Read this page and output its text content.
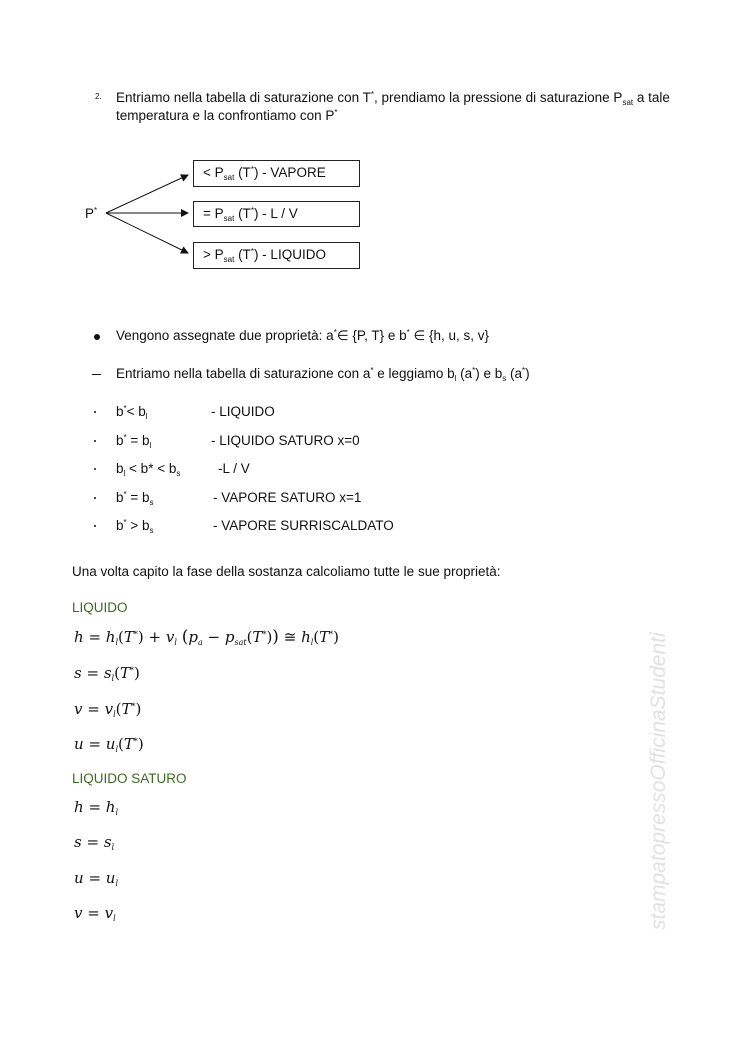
2. Entriamo nella tabella di saturazione con T*, prendiamo la pressione di saturazione $P_{sat}$ a tale
temperatura e la confrontiamo con P*
P*
< $P_{sat}$ (T*) - VAPORE
= $P_{sat}$ (T*) - L / V
> $P_{sat}$ (T*) - LIQUIDO
Vengono assegnate due proprietà: a*∈ {P, T} e b* ∈ {h, u, s, v}
Entriamo nella tabella di saturazione con a* e leggiamo $b_l$ (a*) e $b_s$ (a*)
$b^*< b_l$	- LIQUIDO
$b^* = b_l$	- LIQUIDO SATURO x=0
$b_l < b* < b_s$	-L / V
$b^* = b_s$	- VAPORE SATURO x=1
$b^* > b_s$	- VAPORE SURRISCALDATO
Una volta capito la fase della sostanza calcoliamo tutte le sue proprietà:
LIQUIDO
$h = h_l(T^*) + v_l$ $(p_a - p_{sat}(T^*))$ ≅ $h_l(T^*)$
$s = s_l(T^*)$
$v = v_l(T^*)$
$u = u_l(T^*)$
LIQUIDO SATURO
$h = h_l$
$s = s_l$
$u = u_l$
$v = v_l$	stampatopressoOfficinaStudenti
